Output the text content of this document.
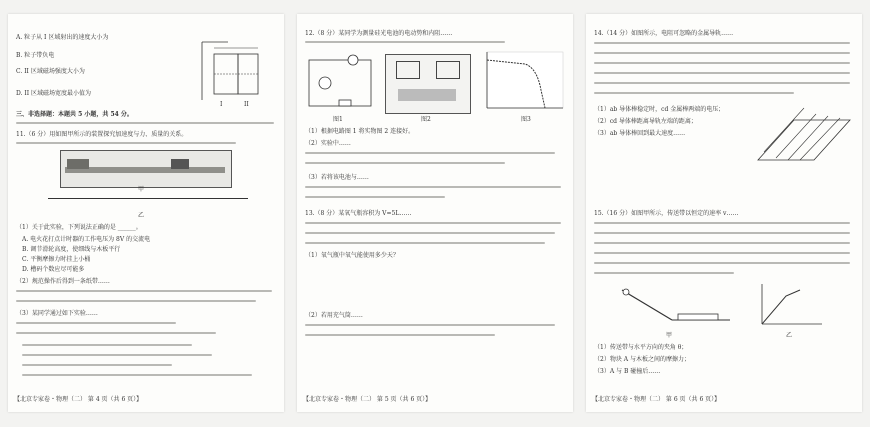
A. 粒子从 I 区域射出的速度大小为
B. 粒子带负电
C. II 区域磁场强度大小为
D. II 区域磁场宽度最小值为
I	II
三、非选择题：本题共 5 小题，共 54 分。
11.（6 分）用如图甲所示的装置探究加速度与力、质量的关系。
甲
乙
（1）关于此实验，下列说法正确的是 ______。
A. 电火花打点计时器的工作电压为 8V 的交流电
B. 调节滑轮高度，使细线与木板平行
C. 平衡摩擦力时挂上小桶
D. 槽码个数应尽可能多
（2）规范操作后得到一条纸带……
（3）某同学通过如下实验……
【北京专家卷・物理（二） 第 4 页（共 6 页）】
12.（8 分）某同学为测量硅光电池的电动势和内阻……
图1	图2	图3
（1）根据电路图 1 将实物图 2 连接好。
（2）实验中……
（3）若将该电池与……
13.（8 分）某氧气瓶容积为 V=5L……
（1）氧气瓶中氧气能使用多少天？
（2）若用充气筒……
【北京专家卷・物理（二） 第 5 页（共 6 页）】
14.（14 分）如图所示，电阻可忽略的金属导轨……
（1）ab 导体棒稳定时，cd 金属棒两端的电压；
（2）cd 导体棒距离导轨左端的距离；
（3）ab 导体棒回到最大速度……
15.（16 分）如图甲所示，传送带以恒定的速率 v……
甲	乙
（1）传送带与水平方向的夹角 θ；
（2）物块 A 与木板之间的摩擦力；
（3）A 与 B 碰撞后……
【北京专家卷・物理（二） 第 6 页（共 6 页）】
